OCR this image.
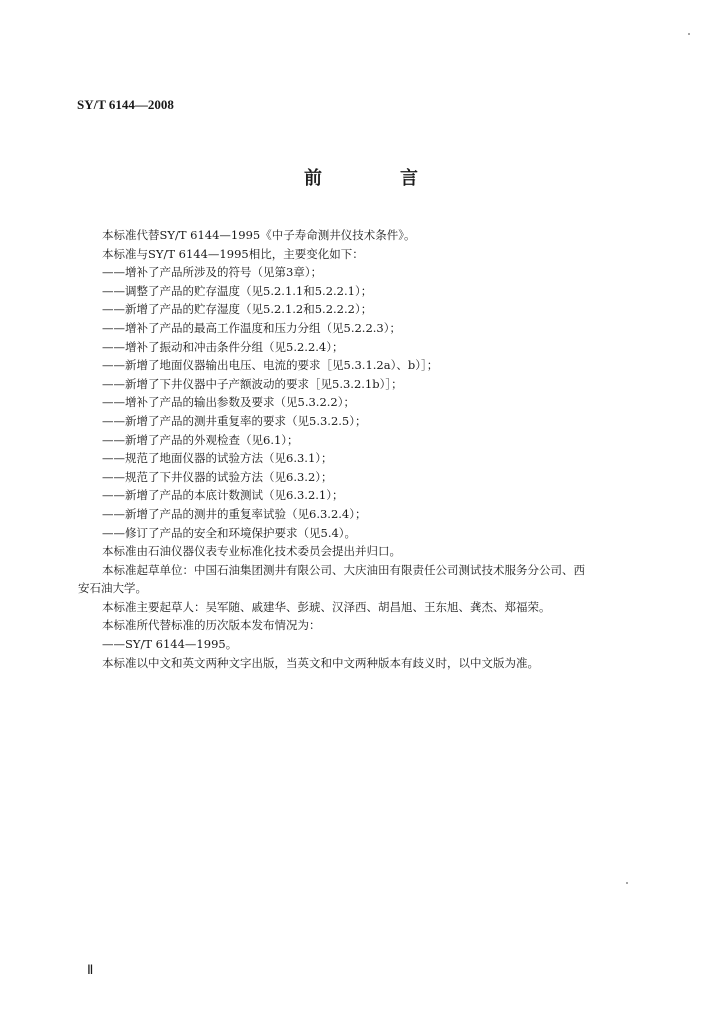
SY/T 6144—2008
前　言
本标准代替SY/T 6144—1995《中子寿命测井仪技术条件》。
本标准与SY/T 6144—1995相比，主要变化如下：
——增补了产品所涉及的符号（见第3章）；
——调整了产品的贮存温度（见5.2.1.1和5.2.2.1）；
——新增了产品的贮存湿度（见5.2.1.2和5.2.2.2）；
——增补了产品的最高工作温度和压力分组（见5.2.2.3）；
——增补了振动和冲击条件分组（见5.2.2.4）；
——新增了地面仪器输出电压、电流的要求［见5.3.1.2a）、b）］；
——新增了下井仪器中子产额波动的要求［见5.3.2.1b）］；
——增补了产品的输出参数及要求（见5.3.2.2）；
——新增了产品的测井重复率的要求（见5.3.2.5）；
——新增了产品的外观检查（见6.1）；
——规范了地面仪器的试验方法（见6.3.1）；
——规范了下井仪器的试验方法（见6.3.2）；
——新增了产品的本底计数测试（见6.3.2.1）；
——新增了产品的测井的重复率试验（见6.3.2.4）；
——修订了产品的安全和环境保护要求（见5.4）。
本标准由石油仪器仪表专业标准化技术委员会提出并归口。
本标准起草单位：中国石油集团测井有限公司、大庆油田有限责任公司测试技术服务分公司、西
安石油大学。
本标准主要起草人：吴军随、戚建华、彭琥、汉泽西、胡昌旭、王东旭、龚杰、郑福荣。
本标准所代替标准的历次版本发布情况为：
——SY/T 6144—1995。
本标准以中文和英文两种文字出版，当英文和中文两种版本有歧义时，以中文版为准。
Ⅱ
